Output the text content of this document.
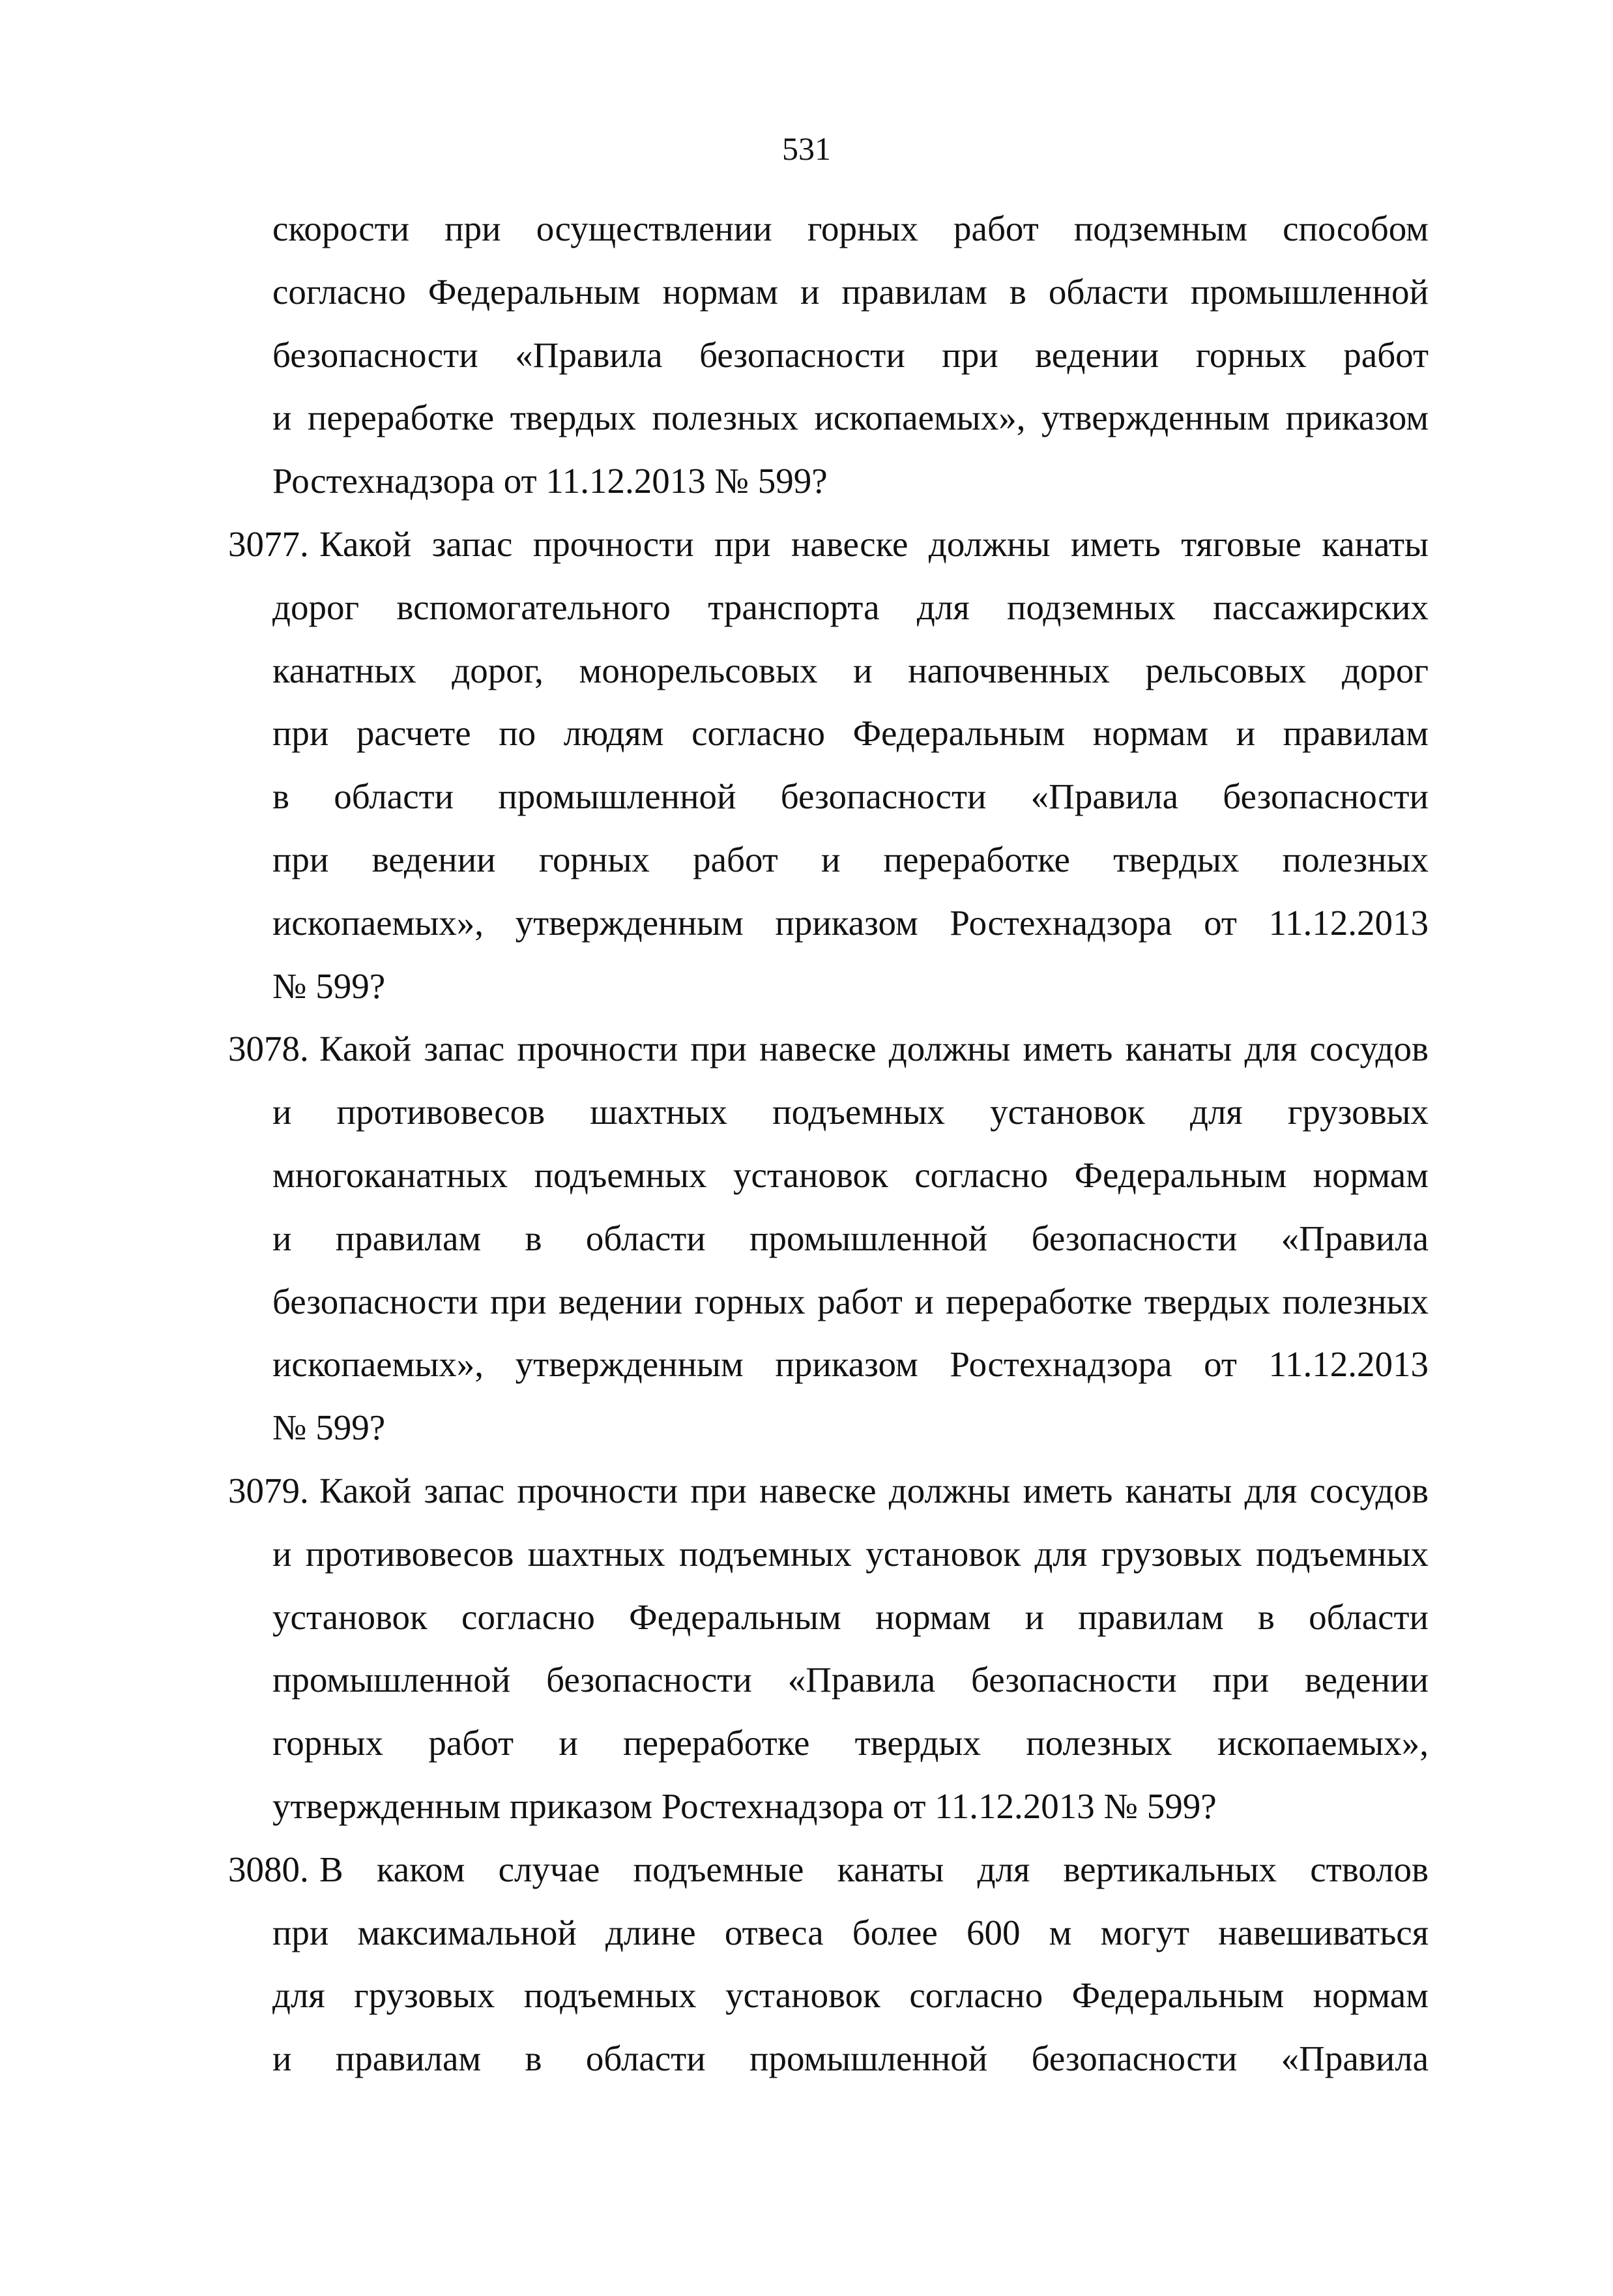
531
скорости при осуществлении горных работ подземным способом
согласно Федеральным нормам и правилам в области промышленной
безопасности «Правила безопасности при ведении горных работ
и переработке твердых полезных ископаемых», утвержденным приказом
Ростехнадзора от 11.12.2013 № 599?
3077. Какой запас прочности при навеске должны иметь тяговые канаты
дорог вспомогательного транспорта для подземных пассажирских
канатных дорог, монорельсовых и напочвенных рельсовых дорог
при расчете по людям согласно Федеральным нормам и правилам
в области промышленной безопасности «Правила безопасности
при ведении горных работ и переработке твердых полезных
ископаемых», утвержденным приказом Ростехнадзора от 11.12.2013
№ 599?
3078. Какой запас прочности при навеске должны иметь канаты для сосудов
и противовесов шахтных подъемных установок для грузовых
многоканатных подъемных установок согласно Федеральным нормам
и правилам в области промышленной безопасности «Правила
безопасности при ведении горных работ и переработке твердых полезных
ископаемых», утвержденным приказом Ростехнадзора от 11.12.2013
№ 599?
3079. Какой запас прочности при навеске должны иметь канаты для сосудов
и противовесов шахтных подъемных установок для грузовых подъемных
установок согласно Федеральным нормам и правилам в области
промышленной безопасности «Правила безопасности при ведении
горных работ и переработке твердых полезных ископаемых»,
утвержденным приказом Ростехнадзора от 11.12.2013 № 599?
3080. В каком случае подъемные канаты для вертикальных стволов
при максимальной длине отвеса более 600 м могут навешиваться
для грузовых подъемных установок согласно Федеральным нормам
и правилам в области промышленной безопасности «Правила
